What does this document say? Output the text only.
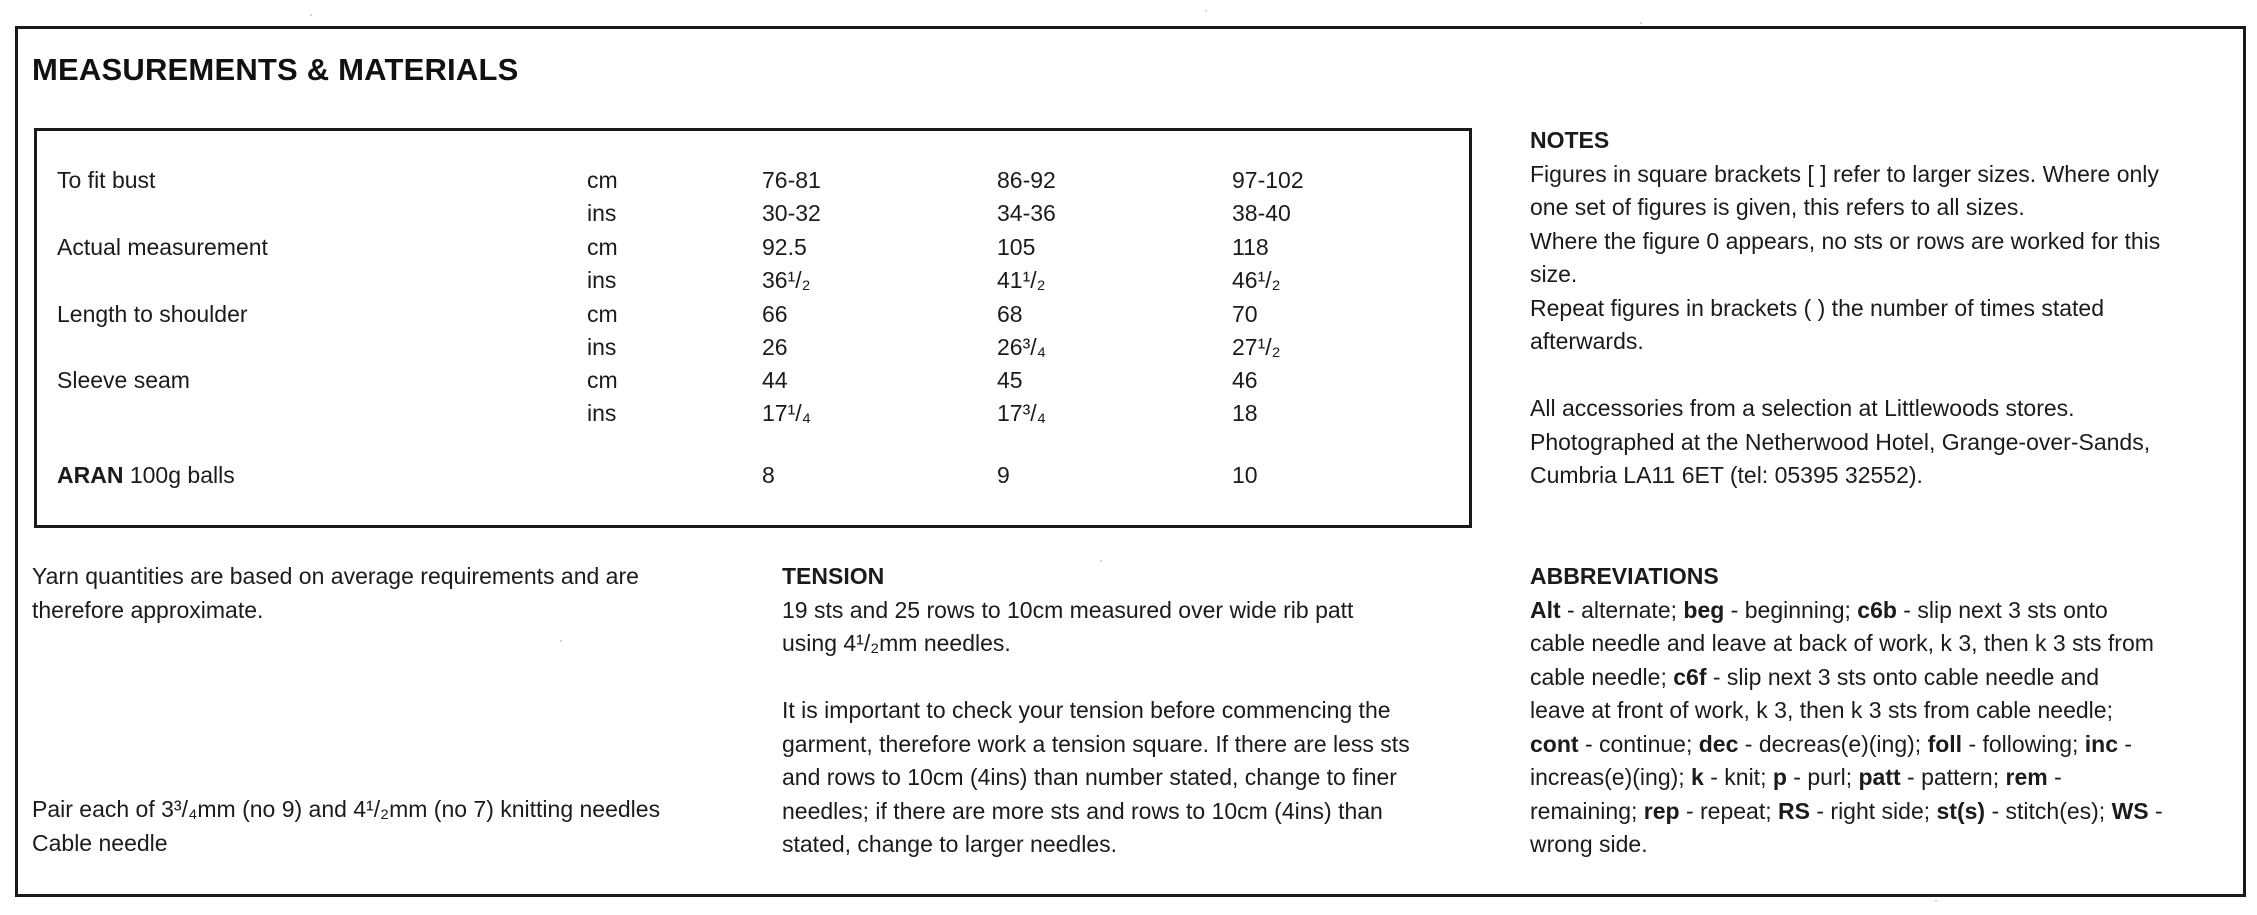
MEASUREMENTS & MATERIALS
To fit bust	cm	76-81	86-92	97-102
ins	30-32	34-36	38-40
Actual measurement	cm	92.5	105	118
ins	36¹/₂	41¹/₂	46¹/₂
Length to shoulder	cm	66	68	70
ins	26	26³/₄	27¹/₂
Sleeve seam	cm	44	45	46
ins	17¹/₄	17³/₄	18
ARAN 100g balls	8	9	10

Yarn quantities are based on average requirements and are

therefore approximate.

Pair each of 3³/₄mm (no 9) and 4¹/₂mm (no 7) knitting needles

Cable needle

TENSION

19 sts and 25 rows to 10cm measured over wide rib patt

using 4¹/₂mm needles.

It is important to check your tension before commencing the

garment, therefore work a tension square. If there are less sts

and rows to 10cm (4ins) than number stated, change to finer

needles; if there are more sts and rows to 10cm (4ins) than

stated, change to larger needles.

NOTES

Figures in square brackets [ ] refer to larger sizes. Where only

one set of figures is given, this refers to all sizes.

Where the figure 0 appears, no sts or rows are worked for this

size.

Repeat figures in brackets ( ) the number of times stated

afterwards.

All accessories from a selection at Littlewoods stores.

Photographed at the Netherwood Hotel, Grange-over-Sands,

Cumbria LA11 6ET (tel: 05395 32552).

ABBREVIATIONS

Alt - alternate; beg - beginning; c6b - slip next 3 sts onto

cable needle and leave at back of work, k 3, then k 3 sts from

cable needle; c6f - slip next 3 sts onto cable needle and

leave at front of work, k 3, then k 3 sts from cable needle;

cont - continue; dec - decreas(e)(ing); foll - following; inc -

increas(e)(ing); k - knit; p - purl; patt - pattern; rem -

remaining; rep - repeat; RS - right side; st(s) - stitch(es); WS -

wrong side.
